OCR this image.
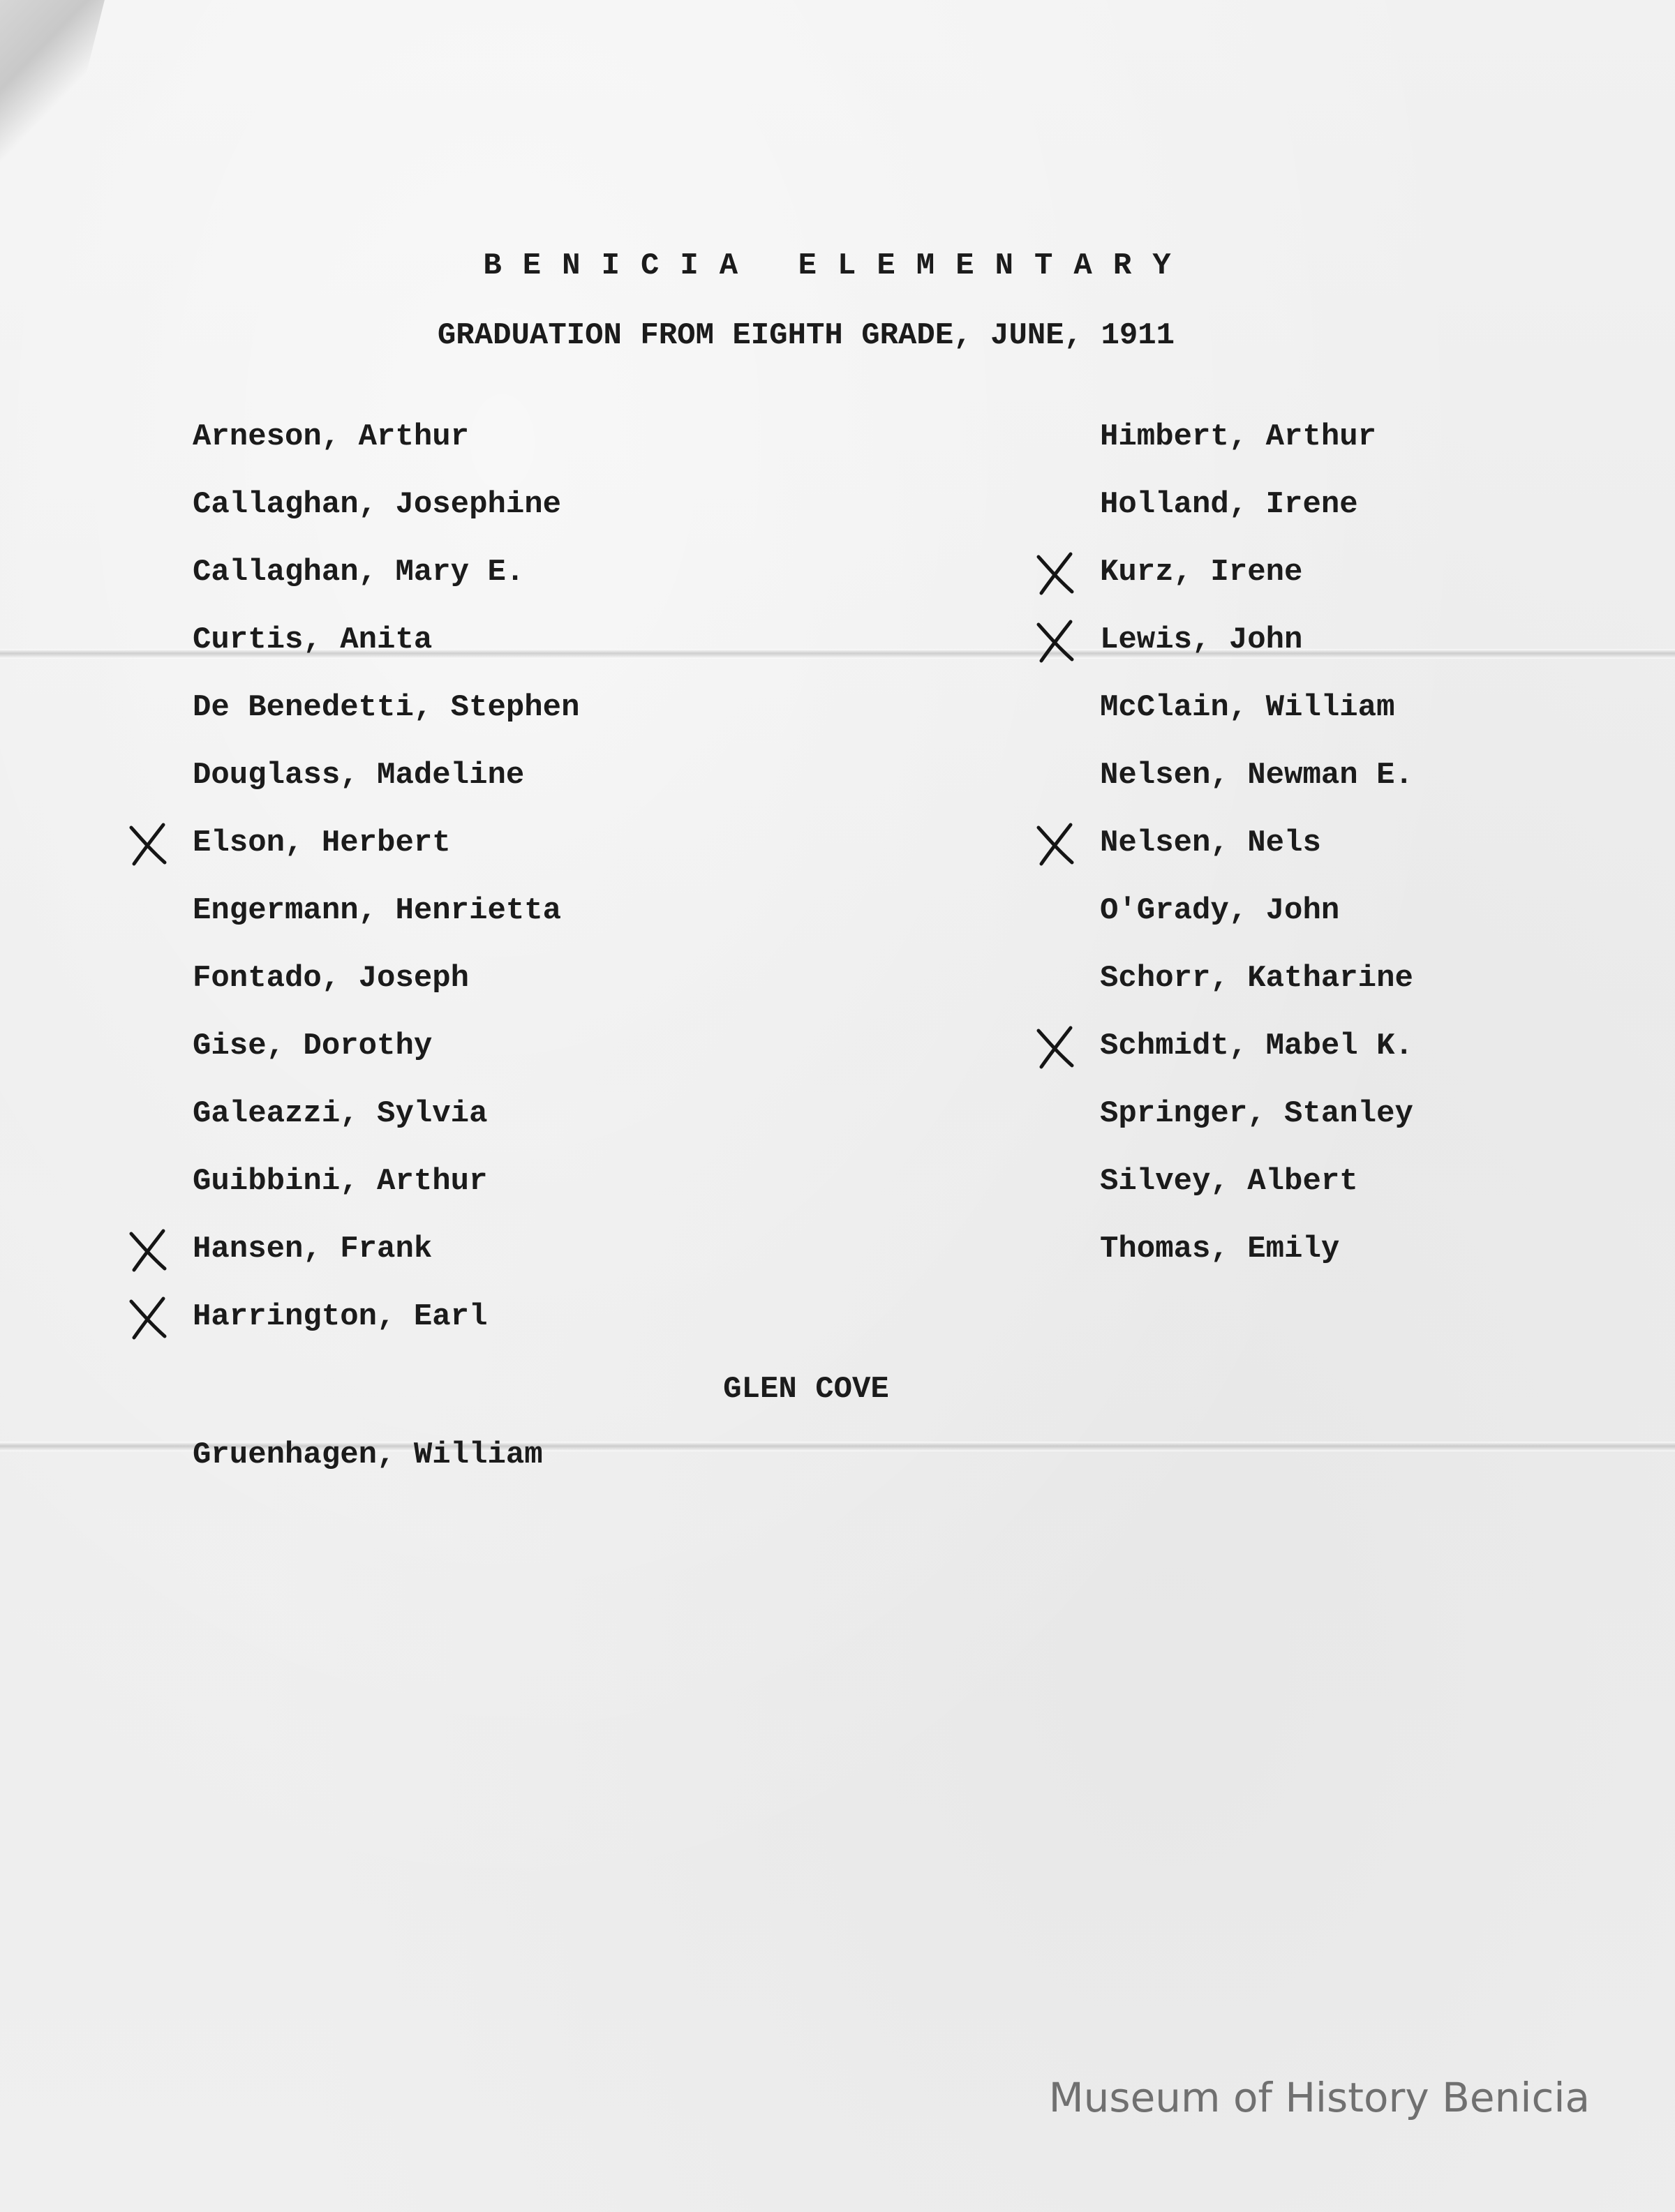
BENICIA ELEMENTARY
GRADUATION FROM EIGHTH GRADE, JUNE, 1911
Arneson, Arthur
Callaghan, Josephine
Callaghan, Mary E.
Curtis, Anita
De Benedetti, Stephen
Douglass, Madeline
Elson, Herbert
Engermann, Henrietta
Fontado, Joseph
Gise, Dorothy
Galeazzi, Sylvia
Guibbini, Arthur
Hansen, Frank
Harrington, Earl
Himbert, Arthur
Holland, Irene
Kurz, Irene
Lewis, John
McClain, William
Nelsen, Newman E.
Nelsen, Nels
O'Grady, John
Schorr, Katharine
Schmidt, Mabel K.
Springer, Stanley
Silvey, Albert
Thomas, Emily
GLEN COVE
Gruenhagen, William
Museum of History Benicia
